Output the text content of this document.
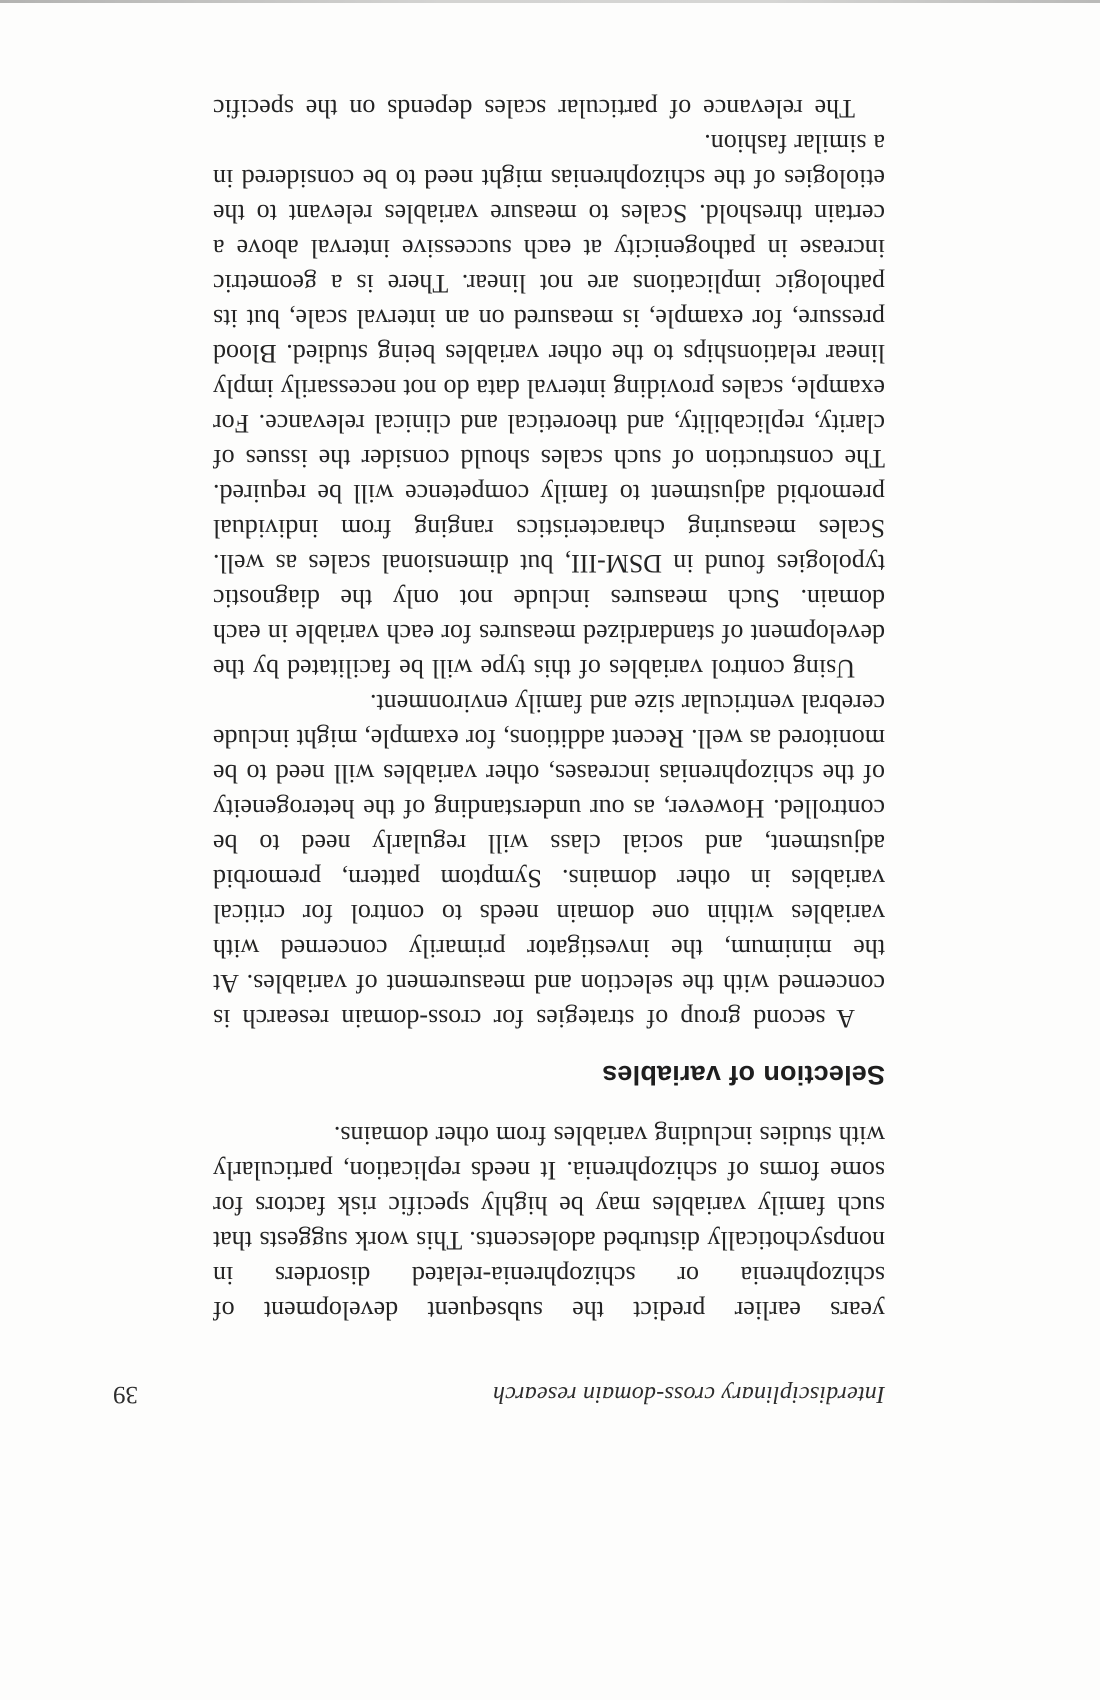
Interdisciplinary cross-domain research
39

years earlier predict the subsequent development of schizophrenia or schizophrenia-related disorders in nonpsychotically disturbed adolescents. This work suggests that such family variables may be highly specific risk factors for some forms of schizophrenia. It needs replication, particularly with studies including variables from other domains.

Selection of variables

A second group of strategies for cross-domain research is concerned with the selection and measurement of variables. At the minimum, the investigator primarily concerned with variables within one domain needs to control for critical variables in other domains. Symptom pattern, premorbid adjustment, and social class will regularly need to be controlled. However, as our understanding of the heterogeneity of the schizophrenias increases, other variables will need to be monitored as well. Recent additions, for example, might include cerebral ventricular size and family environment.

Using control variables of this type will be facilitated by the development of standardized measures for each variable in each domain. Such measures include not only the diagnostic typologies found in DSM-III, but dimensional scales as well. Scales measuring characteristics ranging from individual premorbid adjustment to family competence will be required. The construction of such scales should consider the issues of clarity, replicability, and theoretical and clinical relevance. For example, scales providing interval data do not necessarily imply linear relationships to the other variables being studied. Blood pressure, for example, is measured on an interval scale, but its pathologic implications are not linear. There is a geometric increase in pathogenicity at each successive interval above a certain threshold. Scales to measure variables relevant to the etiologies of the schizophrenias might need to be considered in a similar fashion.

The relevance of particular scales depends on the specific
